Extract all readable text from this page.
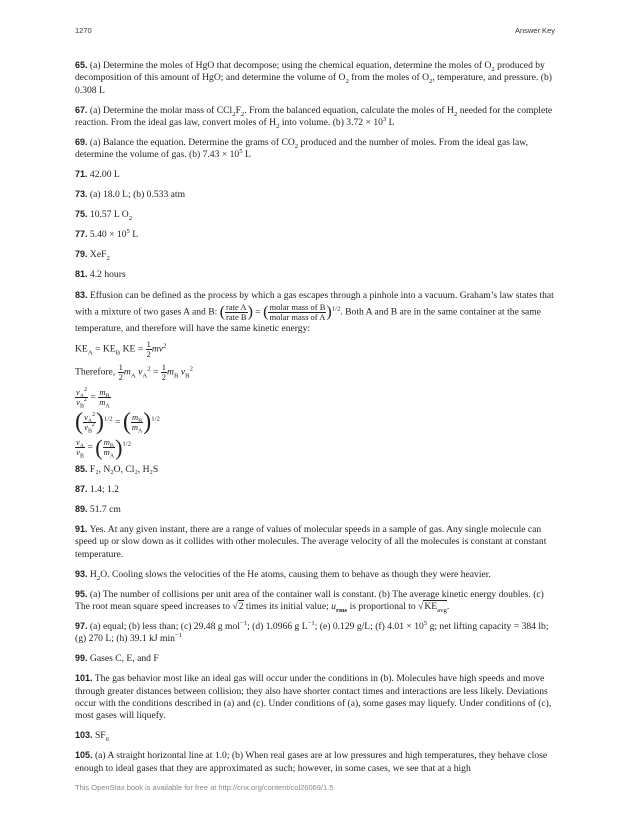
1270	Answer Key

65. (a) Determine the moles of HgO that decompose; using the chemical equation, determine the moles of $O_2$ produced by decomposition of this amount of HgO; and determine the volume of $O_2$ from the moles of $O_2$, temperature, and pressure. (b) 0.308 L

67. (a) Determine the molar mass of $CCl_2F_2$. From the balanced equation, calculate the moles of $H_2$ needed for the complete reaction. From the ideal gas law, convert moles of $H_2$ into volume. (b) $3.72 \times 10^3$ L

69. (a) Balance the equation. Determine the grams of $CO_2$ produced and the number of moles. From the ideal gas law, determine the volume of gas. (b) $7.43 \times 10^5$ L

71. 42.00 L

73. (a) 18.0 L; (b) 0.533 atm

75. 10.57 L $O_2$

77. $5.40 \times 10^5$ L

79. XeF$_2$

81. 4.2 hours

83. Effusion can be defined as the process by which a gas escapes through a pinhole into a vacuum. Graham’s law states that with a mixture of two gases A and B: ( $\frac{\text{rate A}}{\text{rate B}}$ ) = ( $\frac{\text{molar mass of B}}{\text{molar mass of A}} )^{1/2}$. Both A and B are in the same container at the same temperature, and therefore will have the same kinetic energy:

$KE_A = KE_B$ KE = $\frac{1}{2} mv^2$

Therefore, $\frac{1}{2} m_A$ $v_A^2 = \frac{1}{2} m_B$ $v_B^2$

$\frac{v_A^2}{v_B^2} = \frac{m_B}{m_A}$

( $\frac{v_A^2}{v_B^2} )^{1/2}$ = ( $\frac{m_B}{m_A} )^{1/2}$

$\frac{v_A}{v_B}$ = ( $\frac{m_B}{m_A} )^{1/2}$

85. F₂, N₂O, Cl₂, H₂S

87. 1.4; 1.2

89. 51.7 cm

91. Yes. At any given instant, there are a range of values of molecular speeds in a sample of gas. Any single molecule can speed up or slow down as it collides with other molecules. The average velocity of all the molecules is constant at constant temperature.

93. $H_2O$. Cooling slows the velocities of the He atoms, causing them to behave as though they were heavier.

95. (a) The number of collisions per unit area of the container wall is constant. (b) The average kinetic energy doubles. (c) The root mean square speed increases to √2 times its initial value; $u_{rms}$ is proportional to $√KE_{avg}$.

97. (a) equal; (b) less than; (c) 29.48 g mol$^{-1}$; (d) 1.0966 g $L^{-1}$; (e) 0.129 g/L; (f) $4.01 \times 10^5$ g; net lifting capacity = 384 lb; (g) 270 L; (h) 39.1 kJ $\min^{-1}$

99. Gases C, E, and F

101. The gas behavior most like an ideal gas will occur under the conditions in (b). Molecules have high speeds and move through greater distances between collision; they also have shorter contact times and interactions are less likely. Deviations occur with the conditions described in (a) and (c). Under conditions of (a), some gases may liquefy. Under conditions of (c), most gases will liquefy.

103. $SF_6$

105. (a) A straight horizontal line at 1.0; (b) When real gases are at low pressures and high temperatures, they behave close enough to ideal gases that they are approximated as such; however, in some cases, we see that at a high

This OpenStax book is available for free at http://cnx.org/content/col26069/1.5
